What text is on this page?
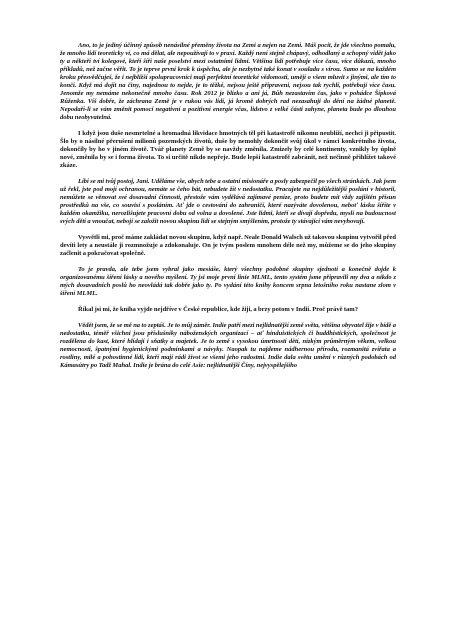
Ano, to je jediný účinný způsob nenásilné přeměny života na Zemi a nejen na Zemi. Máš pocit, že jde všechno pomalu, že mnoho lidí teoreticky ví, co má dělat, ale nepoužívají to v praxi. Každý není stejně chápavý, odhodlaný a schopný vidět jako ty a někteří tví kolegové, kteří šíří naše poselství mezi ostatními lidmi. Většina lidí potřebuje více času, více důkazů, mnoho příkladů, než začne věřit. To je teprve první krok k úspěchu, ale je nezbytné také konat v souladu s vírou. Samo se na každém kroku přesvědčuješ, že i nejbližší spolupracovníci mají perfektní teoretické vědomosti, umějí o všem mluvit s jinými, ale tím to končí. Když má dojít na činy, najednou to nejde, je to těžké, nejsou ještě připraveni, nejsou tak rychlí, potřebují více času. Jenomže my nemáme nekonečně mnoho času. Rok 2012 je blízko a ani já, Bůh nezastavím čas, jako v pohádce Šípková Růženka. Víš dobře, že záchrana Země je v rukou vás lidí, já kromě dobrých rad nezasahuji do dění na žádné planetě. Nepodaří-li se vám změnit pomocí negativní a pozitivní energie včas, lidstvo z velké části zahyne, planeta bude po dlouhou dobu neobyvatelná.

I když jsou duše nesmrtelné a hromadná likvidace hmotných těl při katastrofě nikomu neublíží, nechci ji připustit. Šlo by o násilné přerušení milionů pozemských životů, duše by nemohly dokončit svůj úkol v rámci konkrétního života, dokončily by ho v jiném životě. Tvář planety Země by se navždy změnila. Zmizely by celé kontinenty, vznikly by úplně nové, změnila by se i forma života. To si určitě nikdo nepřeje. Bude lepší katastrofě zabránit, než nečinně přihlížet takové zkáze.

Líbí se mi tvůj postoj, Jani. Uděláme vše, abych tebe a ostatní misionáře a posly zabezpečil po všech stránkách. Jak jsem už řekl, jste pod mojí ochranou, nemáte se čeho bát, nebudete žít v nedostatku. Pracujete na nejdůležitější poslání v historii, nemůžete se věnovat své dosavadní činnosti, přestože vám vydělává zajímavé peníze, proto budete mít vždy zajištěn přísun prostředků na vše, co souvisí s posláním. Ať jde o cestování do zahraničí, které nazýváte dovolenou, neboť lásku šíříte v každém okamžiku, nerozlišujete pracovní dobu od volna a dovolené. Jste lidmi, kteří se dívají dopředu, myslí na budoucnost svých dětí a vnoučat, nebojí se založit novou skupinu lidí se stejným smýšlením, protože ty stávající vám nevyhovují.

Vysvětli mi, proč máme zakládat novou skupinu, když např. Neale Donald Walsch už takovou skupinu vytvořil před devíti lety a neustále ji rozmnožuje a zdokonaluje. On je tvým poslem mnohem déle než my, můžeme se do jeho skupiny začlenit a pokračovat společně.

To je pravda, ale tebe jsem vybral jako mesiáše, který všechny podobné skupiny sjednotí a konečně dojde k organizovanému šíření lásky a nového myšlení. Ty jsi moje první linie MLML, tento systém jsme připravili my dva a nikdo z mých dosavadních poslů ho neovládá tak dobře jako ty. Po vydání této knihy koncem srpna letošního roku nastane zlom v šíření MLML.

Říkal jsi mi, že kniha vyjde nejdříve v České republice, kde žiji, a brzy potom v Indii. Proč právě tam?

Vědět jsem, že se mě na to zeptáš. Je to můj záměr. Indie patří mezi nejlidnatější země světa, většina obyvatel žije v bídě a nedostatku, téměř všichni jsou příslušníky náboženských organizací – ať hinduistických či buddhistických, společnost je rozdělena do kast, které hlídají i sňatky a majetek. Je to země s vysokou úmrtností dětí, nízkým průměrným věkem, velkou nemocností, špatnými hygienickými podmínkami a návyky. Naopak tu najdeme nádhernou přírodu, rozmanitá zvířata a rostliny, milé a pohostinné lidi, kteří mají rádi život se všemi jeho radostmi. Indie dala světu umění v různých podobách od Kámasútry po Tadž Mahal. Indie je brána do celé Asie: nejlidnatější Číny, nejvyspělejšího
